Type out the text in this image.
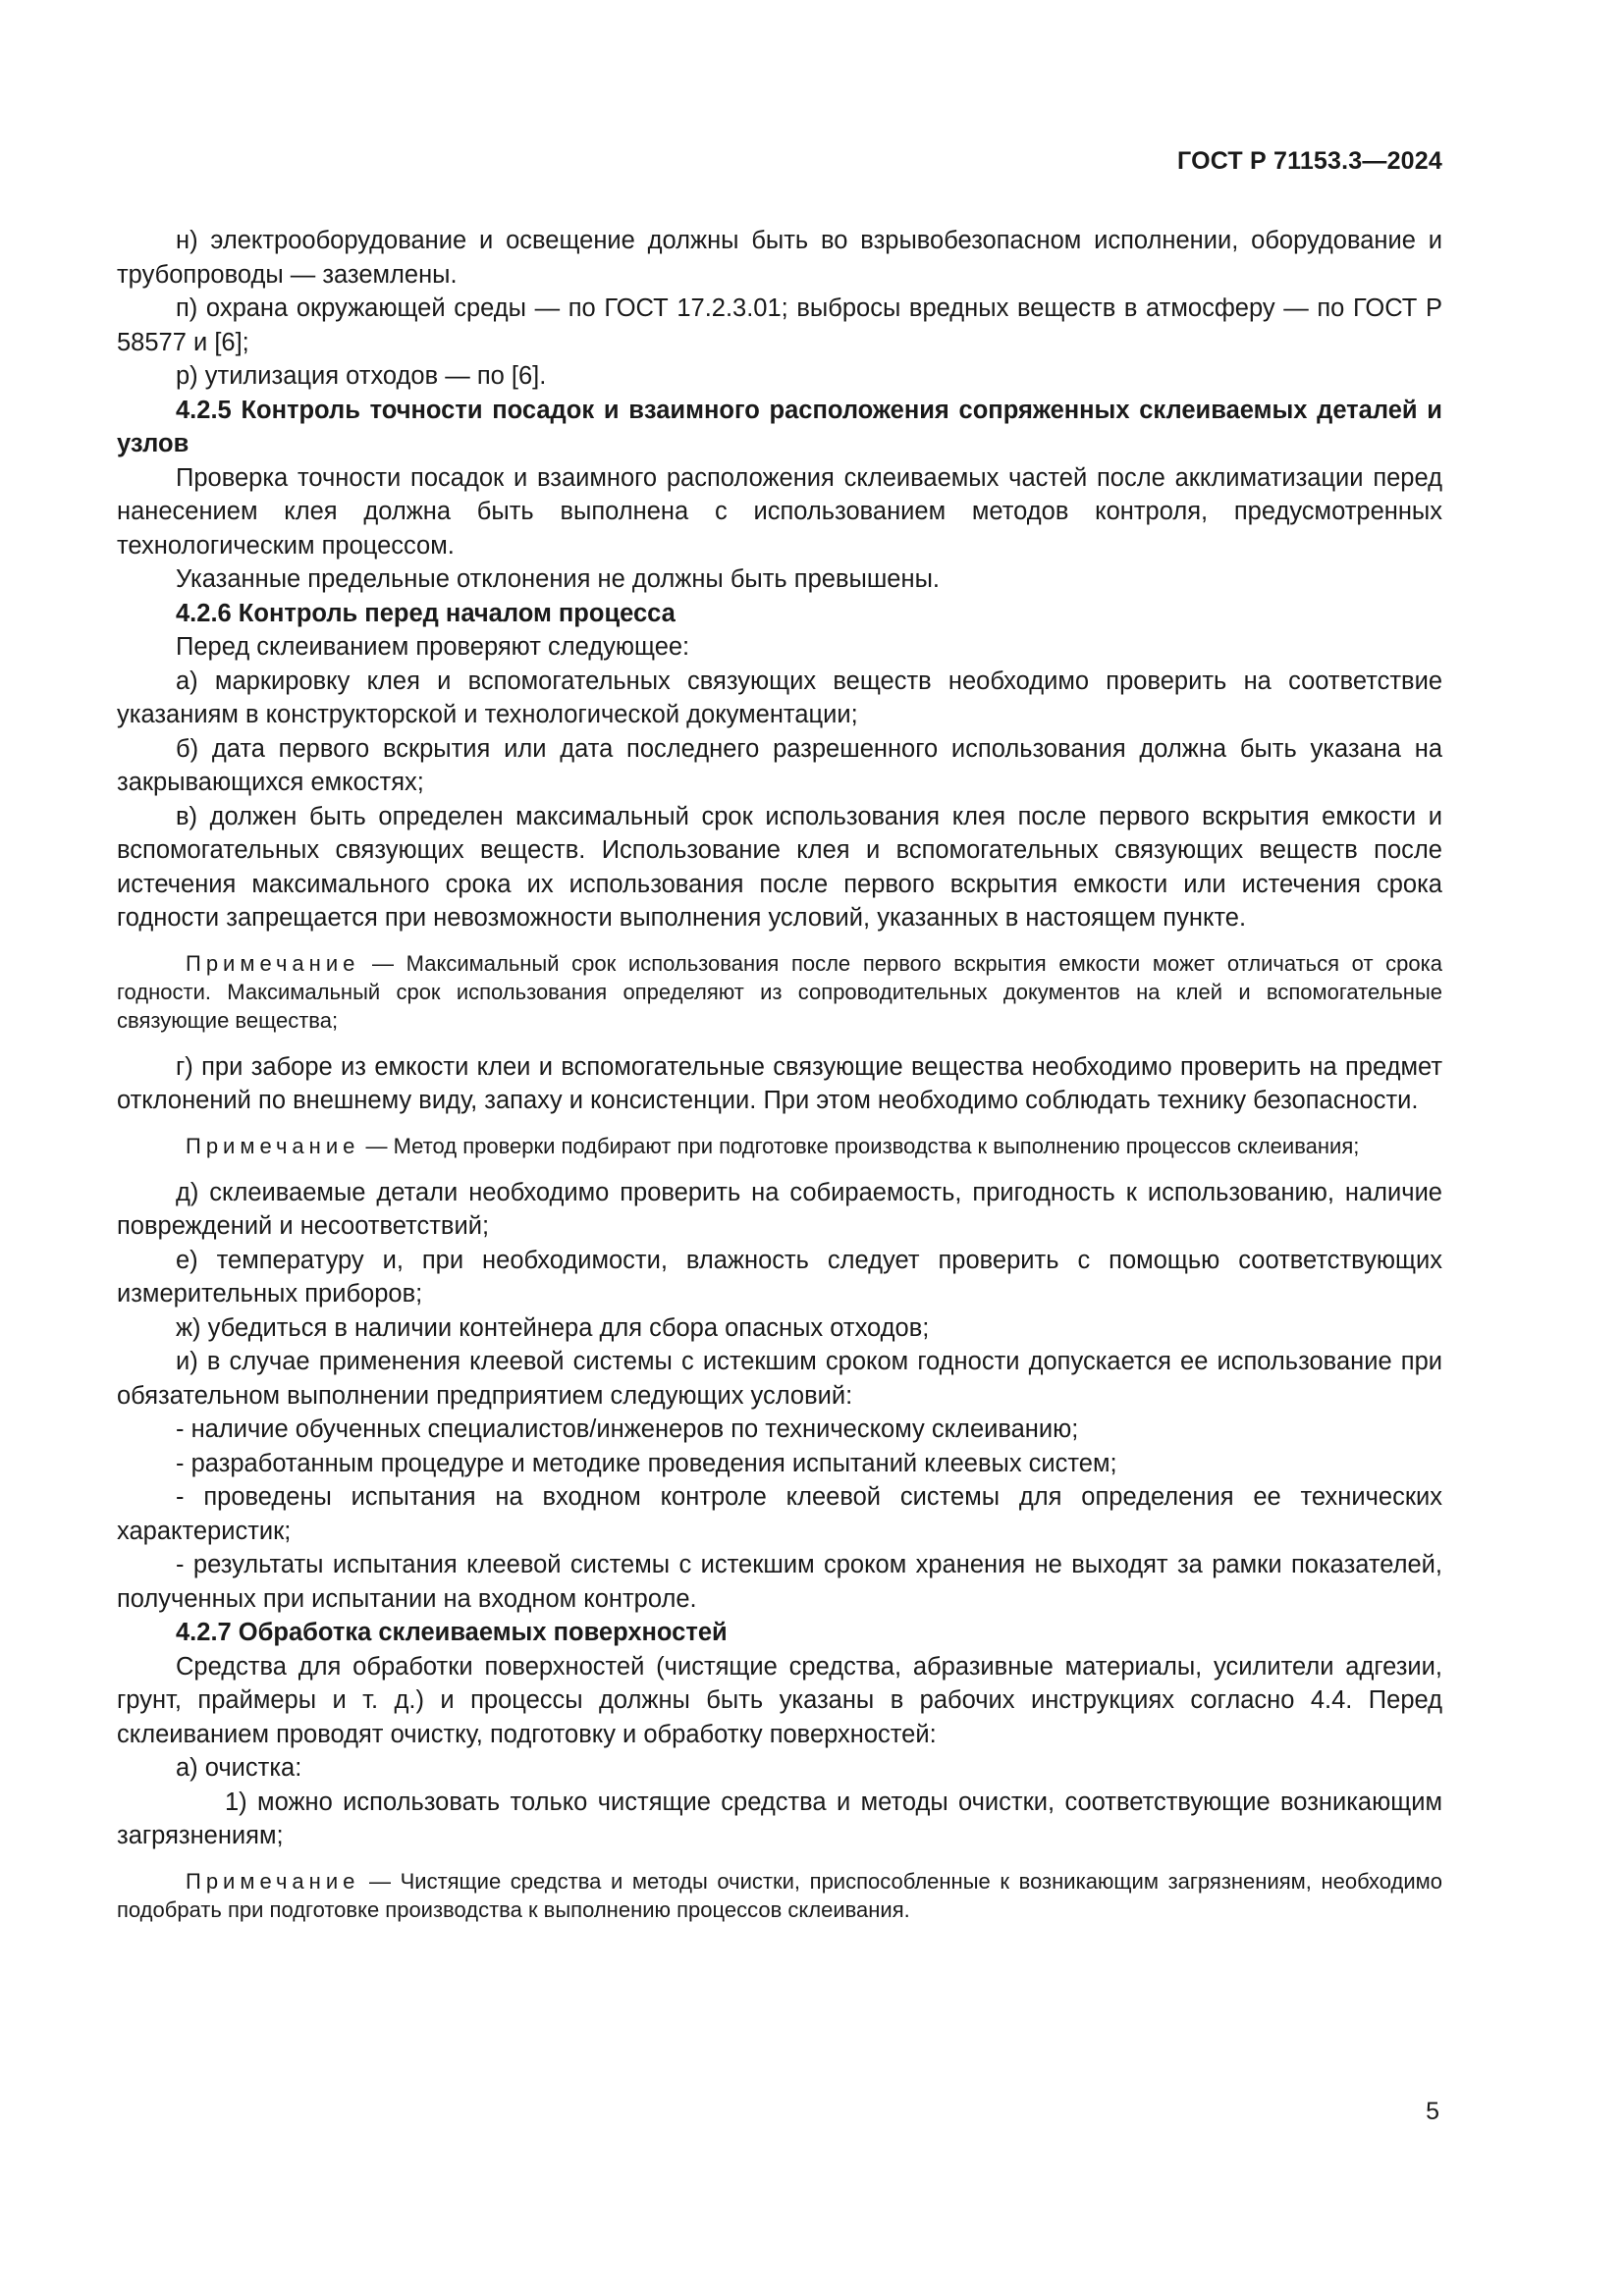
ГОСТ Р 71153.3—2024

н) электрооборудование и освещение должны быть во взрывобезопасном исполнении, оборудование и трубопроводы — заземлены.

п) охрана окружающей среды — по ГОСТ 17.2.3.01; выбросы вредных веществ в атмосферу — по ГОСТ Р 58577 и [6];

р) утилизация отходов — по [6].

4.2.5 Контроль точности посадок и взаимного расположения сопряженных склеиваемых деталей и узлов

Проверка точности посадок и взаимного расположения склеиваемых частей после акклиматизации перед нанесением клея должна быть выполнена с использованием методов контроля, предусмотренных технологическим процессом.

Указанные предельные отклонения не должны быть превышены.

4.2.6 Контроль перед началом процесса

Перед склеиванием проверяют следующее:

а) маркировку клея и вспомогательных связующих веществ необходимо проверить на соответствие указаниям в конструкторской и технологической документации;

б) дата первого вскрытия или дата последнего разрешенного использования должна быть указана на закрывающихся емкостях;

в) должен быть определен максимальный срок использования клея после первого вскрытия емкости и вспомогательных связующих веществ. Использование клея и вспомогательных связующих веществ после истечения максимального срока их использования после первого вскрытия емкости или истечения срока годности запрещается при невозможности выполнения условий, указанных в настоящем пункте.

Примечание — Максимальный срок использования после первого вскрытия емкости может отличаться от срока годности. Максимальный срок использования определяют из сопроводительных документов на клей и вспомогательные связующие вещества;

г) при заборе из емкости клеи и вспомогательные связующие вещества необходимо проверить на предмет отклонений по внешнему виду, запаху и консистенции. При этом необходимо соблюдать технику безопасности.

Примечание — Метод проверки подбирают при подготовке производства к выполнению процессов склеивания;

д) склеиваемые детали необходимо проверить на собираемость, пригодность к использованию, наличие повреждений и несоответствий;

е) температуру и, при необходимости, влажность следует проверить с помощью соответствующих измерительных приборов;

ж) убедиться в наличии контейнера для сбора опасных отходов;

и) в случае применения клеевой системы с истекшим сроком годности допускается ее использование при обязательном выполнении предприятием следующих условий:

- наличие обученных специалистов/инженеров по техническому склеиванию;

- разработанным процедуре и методике проведения испытаний клеевых систем;

- проведены испытания на входном контроле клеевой системы для определения ее технических характеристик;

- результаты испытания клеевой системы с истекшим сроком хранения не выходят за рамки показателей, полученных при испытании на входном контроле.

4.2.7 Обработка склеиваемых поверхностей

Средства для обработки поверхностей (чистящие средства, абразивные материалы, усилители адгезии, грунт, праймеры и т. д.) и процессы должны быть указаны в рабочих инструкциях согласно 4.4. Перед склеиванием проводят очистку, подготовку и обработку поверхностей:

а) очистка:

1) можно использовать только чистящие средства и методы очистки, соответствующие возникающим загрязнениям;

Примечание — Чистящие средства и методы очистки, приспособленные к возникающим загрязнениям, необходимо подобрать при подготовке производства к выполнению процессов склеивания.

5
